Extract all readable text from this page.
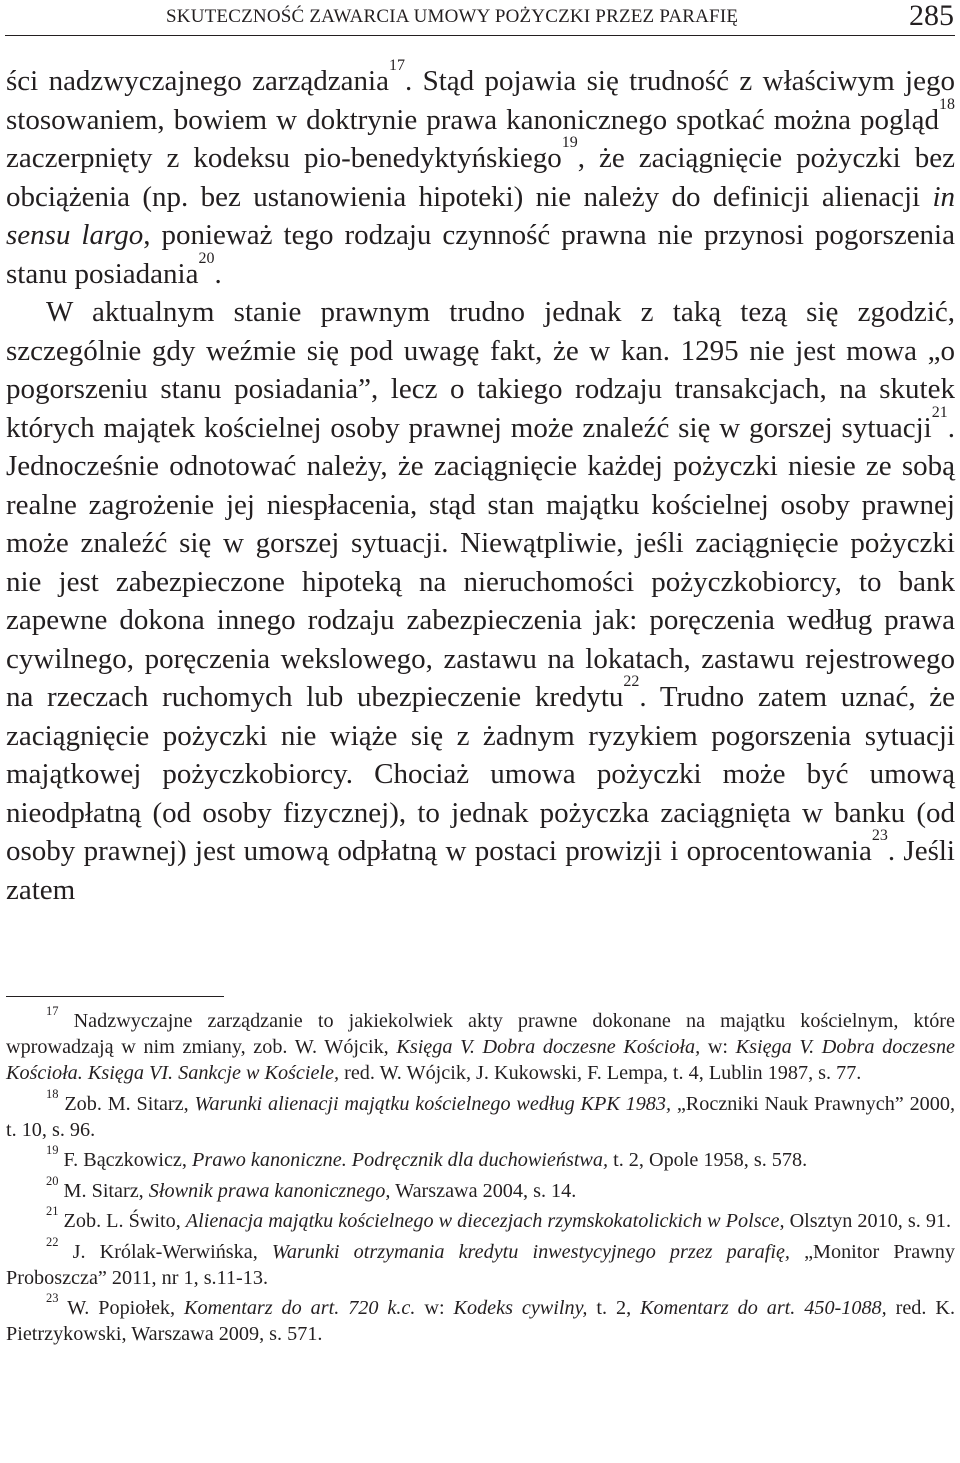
SKUTECZNOŚĆ ZAWARCIA UMOWY POŻYCZKI PRZEZ PARAFIĘ	285

ści nadzwyczajnego zarządzania$^{17}$. Stąd pojawia się trudność z właściwym jego stosowaniem, bowiem w doktrynie prawa kanonicznego spotkać można pogląd$^{18}$ zaczerpnięty z kodeksu pio-benedyktyńskiego$^{19}$, że zaciągnięcie pożyczki bez obciążenia (np. bez ustanowienia hipoteki) nie należy do definicji alienacji in sensu largo, ponieważ tego rodzaju czynność prawna nie przynosi pogorszenia stanu posiadania$^{20}$.

W aktualnym stanie prawnym trudno jednak z taką tezą się zgodzić, szczególnie gdy weźmie się pod uwagę fakt, że w kan. 1295 nie jest mowa „o pogorszeniu stanu posiadania”, lecz o takiego rodzaju transakcjach, na skutek których majątek kościelnej osoby prawnej może znaleźć się w gorszej sytuacji$^{21}$. Jednocześnie odnotować należy, że zaciągnięcie każdej pożyczki niesie ze sobą realne zagrożenie jej niespłacenia, stąd stan majątku kościelnej osoby prawnej może znaleźć się w gorszej sytuacji. Niewątpliwie, jeśli zaciągnięcie pożyczki nie jest zabezpieczone hipoteką na nieruchomości pożyczkobiorcy, to bank zapewne dokona innego rodzaju zabezpieczenia jak: poręczenia według prawa cywilnego, poręczenia wekslowego, zastawu na lokatach, zastawu rejestrowego na rzeczach ruchomych lub ubezpieczenie kredytu$^{22}$. Trudno zatem uznać, że zaciągnięcie pożyczki nie wiąże się z żadnym ryzykiem pogorszenia sytuacji majątkowej pożyczkobiorcy. Chociaż umowa pożyczki może być umową nieodpłatną (od osoby fizycznej), to jednak pożyczka zaciągnięta w banku (od osoby prawnej) jest umową odpłatną w postaci prowizji i oprocentowania$^{23}$. Jeśli zatem

$^{17}$ Nadzwyczajne zarządzanie to jakiekolwiek akty prawne dokonane na majątku kościelnym, które wprowadzają w nim zmiany, zob. W. Wójcik, Księga V. Dobra doczesne Kościoła, w: Księga V. Dobra doczesne Kościoła. Księga VI. Sankcje w Kościele, red. W. Wójcik, J. Kukowski, F. Lempa, t. 4, Lublin 1987, s. 77.

$^{18}$ Zob. M. Sitarz, Warunki alienacji majątku kościelnego według KPK 1983, „Roczniki Nauk Prawnych” 2000, t. 10, s. 96.

$^{19}$ F. Bączkowicz, Prawo kanoniczne. Podręcznik dla duchowieństwa, t. 2, Opole 1958, s. 578.

$^{20}$ M. Sitarz, Słownik prawa kanonicznego, Warszawa 2004, s. 14.

$^{21}$ Zob. L. Świto, Alienacja majątku kościelnego w diecezjach rzymskokatolickich w Polsce, Olsztyn 2010, s. 91.

$^{22}$ J. Królak-Werwińska, Warunki otrzymania kredytu inwestycyjnego przez parafię, „Monitor Prawny Proboszcza” 2011, nr 1, s.11-13.

$^{23}$ W. Popiołek, Komentarz do art. 720 k.c. w: Kodeks cywilny, t. 2, Komentarz do art. 450-1088, red. K. Pietrzykowski, Warszawa 2009, s. 571.
